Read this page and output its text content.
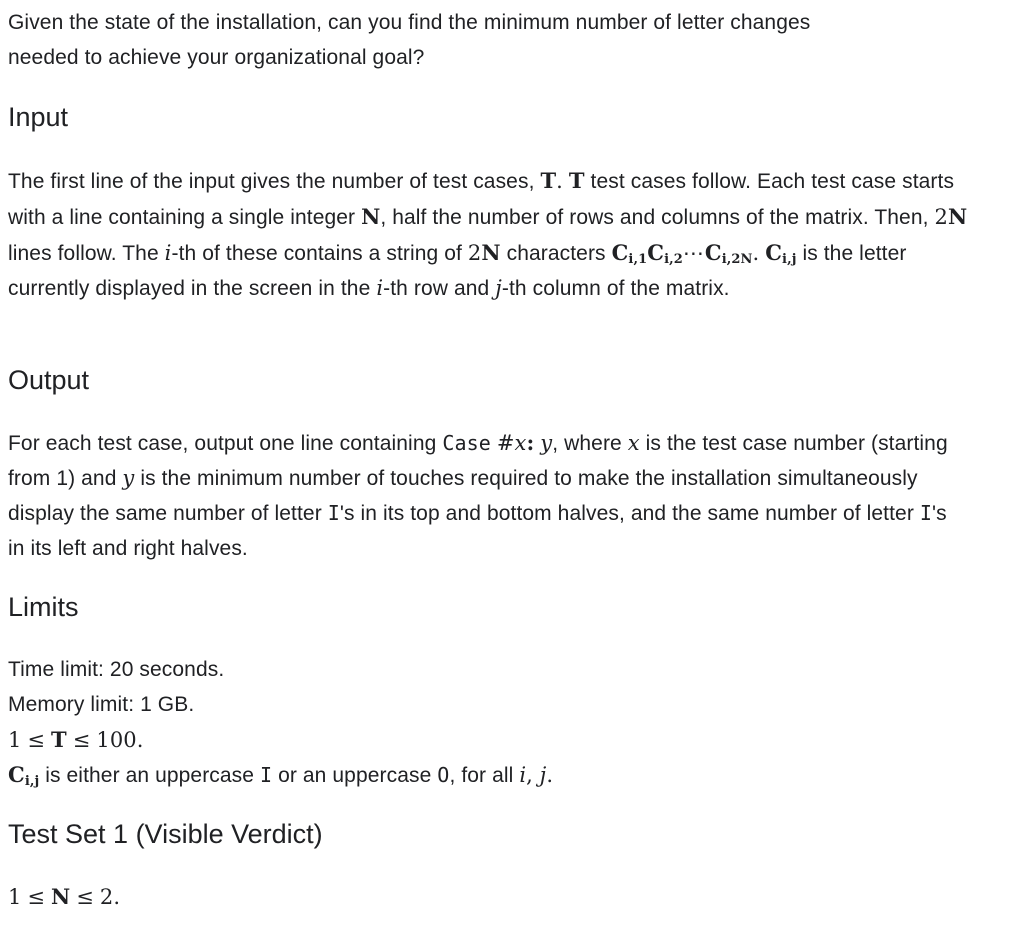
Given the state of the installation, can you find the minimum number of letter changes
needed to achieve your organizational goal?

Input

The first line of the input gives the number of test cases, T. T test cases follow. Each test case starts with a line containing a single integer N, half the number of rows and columns of the matrix. Then, 2N lines follow. The i-th of these contains a string of 2N characters $C_{i,1}C_{i,2}\cdots C_{i,2N}$. $C_{i,j}$ is the letter currently displayed in the screen in the i-th row and j-th column of the matrix.

Output

For each test case, output one line containing Case #x: y, where x is the test case number (starting from 1) and y is the minimum number of touches required to make the installation simultaneously display the same number of letter I's in its top and bottom halves, and the same number of letter I's in its left and right halves.

Limits

Time limit: 20 seconds.

Memory limit: 1 GB.

1 ≤ T ≤ 100.

$C_{i,j}$ is either an uppercase I or an uppercase O, for all i, j.

Test Set 1 (Visible Verdict)

1 ≤ N ≤ 2.
